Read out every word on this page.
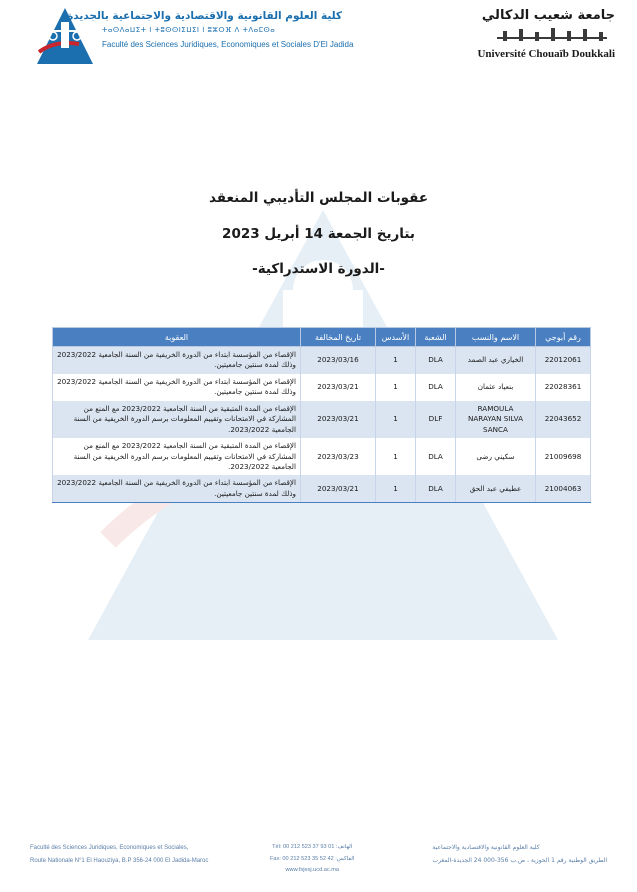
كلية العلوم القانونية والاقتصادية والاجتماعية بالجديدة
ⵜⴰⵙⴷⴰⵡⵉⵜ ⵏ ⵜⵓⵙⵙⵏⵉⵡⵉⵏ ⵏ ⵓⵣⵔⴼ ⴷ ⵜⴷⴰⵎⵙⴰ
Faculté des Sciences Juridiques, Economiques et Sociales D'El Jadida
جامعة شعيب الدكالي
Université Chouaïb Doukkali
عقوبات المجلس التأديبي المنعقد
بتاريخ الجمعة 14 أبريل 2023
-الدورة الاستدراكية-
رقم أبوجي	الاسم والنسب	الشعبة	الأسدس	تاريخ المخالفة	العقوبة
22012061	الخياري عبد الصمد	DLA	1	2023/03/16	الإقصاء من المؤسسة ابتداء من الدورة الخريفية من السنة الجامعية 2023/2022 وذلك لمدة سنتين جامعيتين.
22028361	بنعياد عثمان	DLA	1	2023/03/21	الإقصاء من المؤسسة ابتداء من الدورة الخريفية من السنة الجامعية 2023/2022 وذلك لمدة سنتين جامعيتين.
22043652	RAMOULA NARAYAN SILVA SANCA	DLF	1	2023/03/21	الإقصاء من المدة المتبقية من السنة الجامعية 2023/2022 مع المنع من المشاركة في الامتحانات وتقييم المعلومات برسم الدورة الخريفية من السنة الجامعية 2023/2022.
21009698	سكيني رضى	DLA	1	2023/03/23	الإقصاء من المدة المتبقية من السنة الجامعية 2023/2022 مع المنع من المشاركة في الامتحانات وتقييم المعلومات برسم الدورة الخريفية من السنة الجامعية 2023/2022.
21004063	عطيفي عبد الحق	DLA	1	2023/03/21	الإقصاء من المؤسسة ابتداء من الدورة الخريفية من السنة الجامعية 2023/2022 وذلك لمدة سنتين جامعيتين.
Faculté des Sciences Juridiques, Economiques et Sociales,
Route Nationale N°1 El Haouziya, B.P 356-24 000 El Jadida-Maroc
Tél: 00 212 523 37 93 01 :الهاتف
Fax: 00 212 523 35 52 42 :الفاكس
www.fsjesj.ucd.ac.ma
كلية العلوم القانونية والاقتصادية والاجتماعية
الطريق الوطنية رقم 1 الحوزية ، ص.ب 356-000 24 الجديدة-المغرب
